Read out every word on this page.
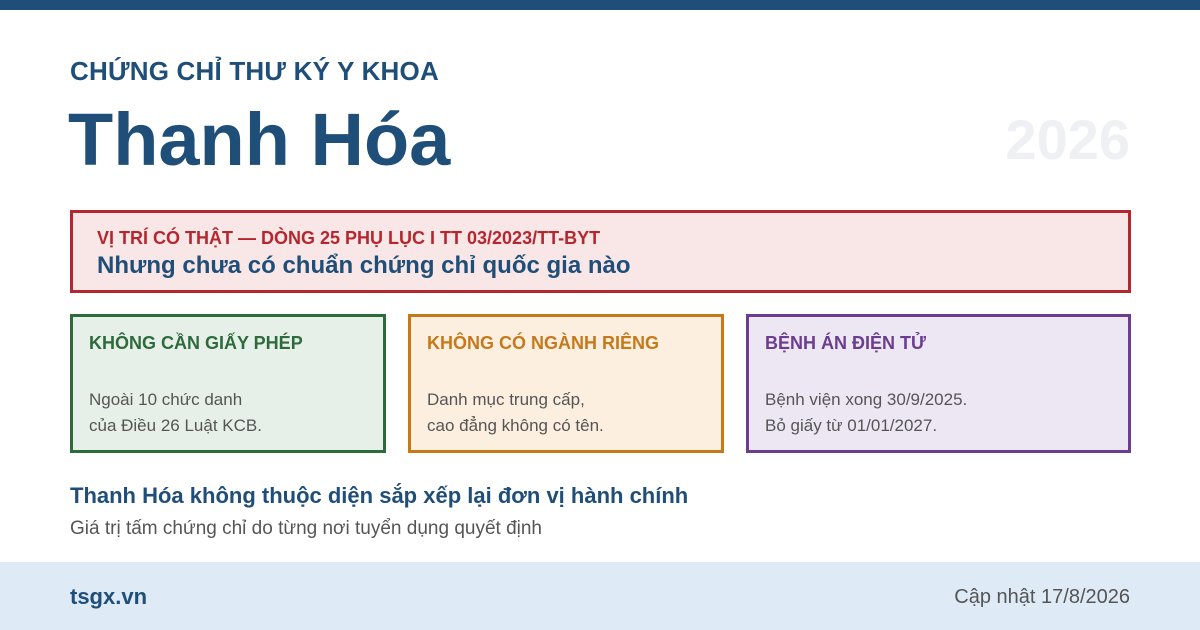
CHỨNG CHỈ THƯ KÝ Y KHOA
Thanh Hóa	2026
VỊ TRÍ CÓ THẬT — DÒNG 25 PHỤ LỤC I TT 03/2023/TT-BYT
Nhưng chưa có chuẩn chứng chỉ quốc gia nào
KHÔNG CẦN GIẤY PHÉP
Ngoài 10 chức danh
của Điều 26 Luật KCB.
KHÔNG CÓ NGÀNH RIÊNG
Danh mục trung cấp,
cao đẳng không có tên.
BỆNH ÁN ĐIỆN TỬ
Bệnh viện xong 30/9/2025.
Bỏ giấy từ 01/01/2027.
Thanh Hóa không thuộc diện sắp xếp lại đơn vị hành chính
Giá trị tấm chứng chỉ do từng nơi tuyển dụng quyết định
tsgx.vn	Cập nhật 17/8/2026
